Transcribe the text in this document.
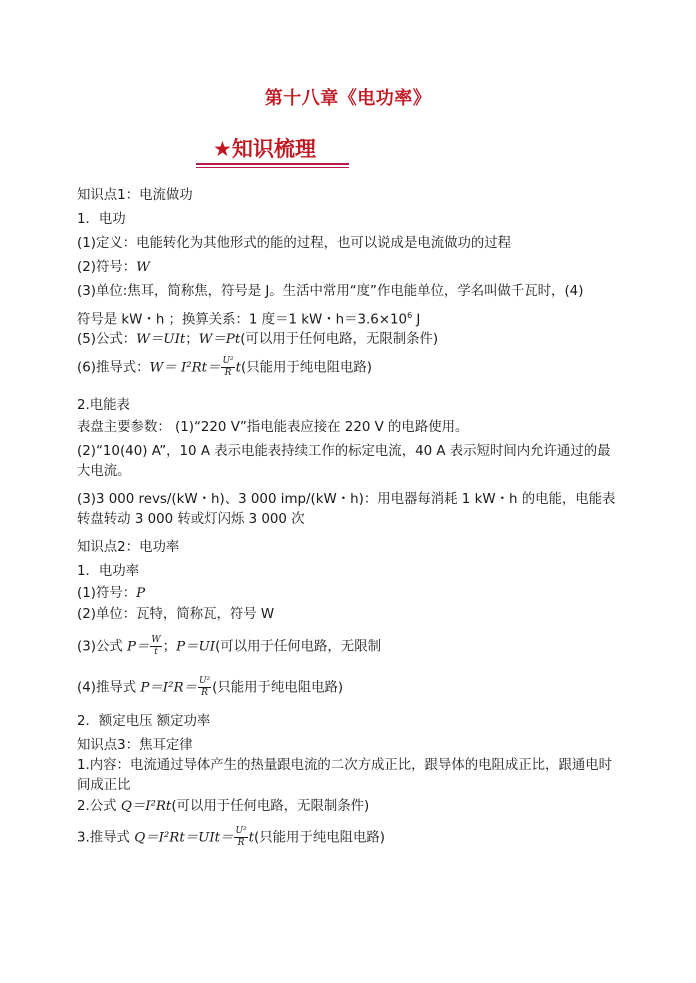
第十八章《电功率》
★知识梳理
知识点1：电流做功
1．电功
(1)定义：电能转化为其他形式的能的过程，也可以说成是电流做功的过程
(2)符号：W
(3)单位:焦耳，简称焦，符号是 J。生活中常用“度”作电能单位，学名叫做千瓦时，(4)
符号是 kW・h ；换算关系：1 度＝1 kW・$h=3.6\times 10^6$ J
(5)公式：W＝UIt；W＝Pt(可以用于任何电路，无限制条件)
(6)推导式：$W= I^2Rt= \frac{\text{U²}}{R} t$(只能用于纯电阻电路)
2.电能表
表盘主要参数： (1)“220 V”指电能表应接在 220 V 的电路使用。
(2)“10(40) A”，10 A 表示电能表持续工作的标定电流，40 A 表示短时间内允许通过的最大电流。
(3)3 000 revs/(kW・h)、3 000 imp/(kW・h)：用电器每消耗 1 kW・h 的电能，电能表转盘转动 3 000 转或灯闪烁 3 000 次
知识点2：电功率
1．电功率
(1)符号：P
(2)单位：瓦特，简称瓦，符号 W
(3)公式 $P= \frac{W}{t}$ ；P＝UI(可以用于任何电路，无限制
(4)推导式 $P=I^2R= \frac{\text{U²}}{R}$ (只能用于纯电阻电路)
2．额定电压 额定功率
知识点3：焦耳定律
1.内容：电流通过导体产生的热量跟电流的二次方成正比，跟导体的电阻成正比，跟通电时间成正比
2.公式 Q＝I²Rt(可以用于任何电路，无限制条件)
3.推导式 $Q=I^2Rt=UIt= \frac{\text{U²}}{R} t$(只能用于纯电阻电路)
